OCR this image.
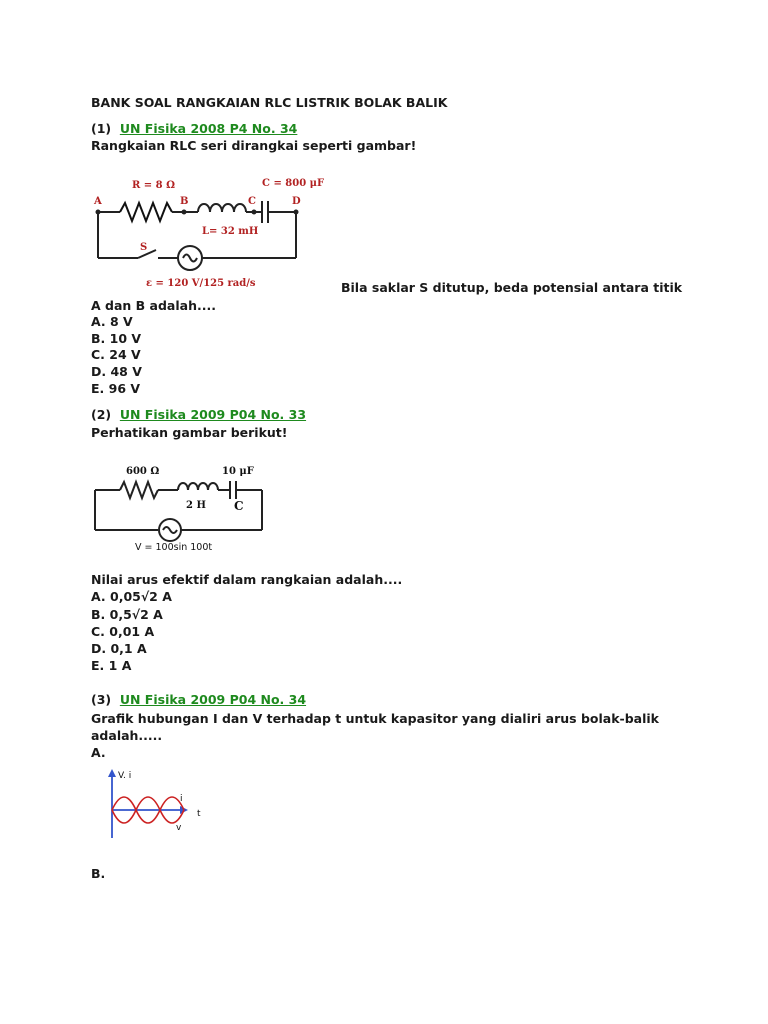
BANK SOAL RANGKAIAN RLC LISTRIK BOLAK BALIK
(1) UN Fisika 2008 P4 No. 34
Rangkaian RLC seri dirangkai seperti gambar!
R = 8 Ω	C = 800 μF
L= 32 mH
A	B	C	D
S
ε = 120 V/125 rad/s	Bila saklar S ditutup, beda potensial antara titik
A dan B adalah....
A. 8 V
B. 10 V
C. 24 V
D. 48 V
E. 96 V
(2) UN Fisika 2009 P04 No. 33
Perhatikan gambar berikut!
600 Ω	10 μF
2 H C
V = 100sin 100t
Nilai arus efektif dalam rangkaian adalah....
A. 0,05√2 A
B. 0,5√2 A
C. 0,01 A
D. 0,1 A
E. 1 A
(3) UN Fisika 2009 P04 No. 34
Grafik hubungan I dan V terhadap t untuk kapasitor yang dialiri arus bolak-balik
adalah.....
A.
V. i
t
i
v
B.
